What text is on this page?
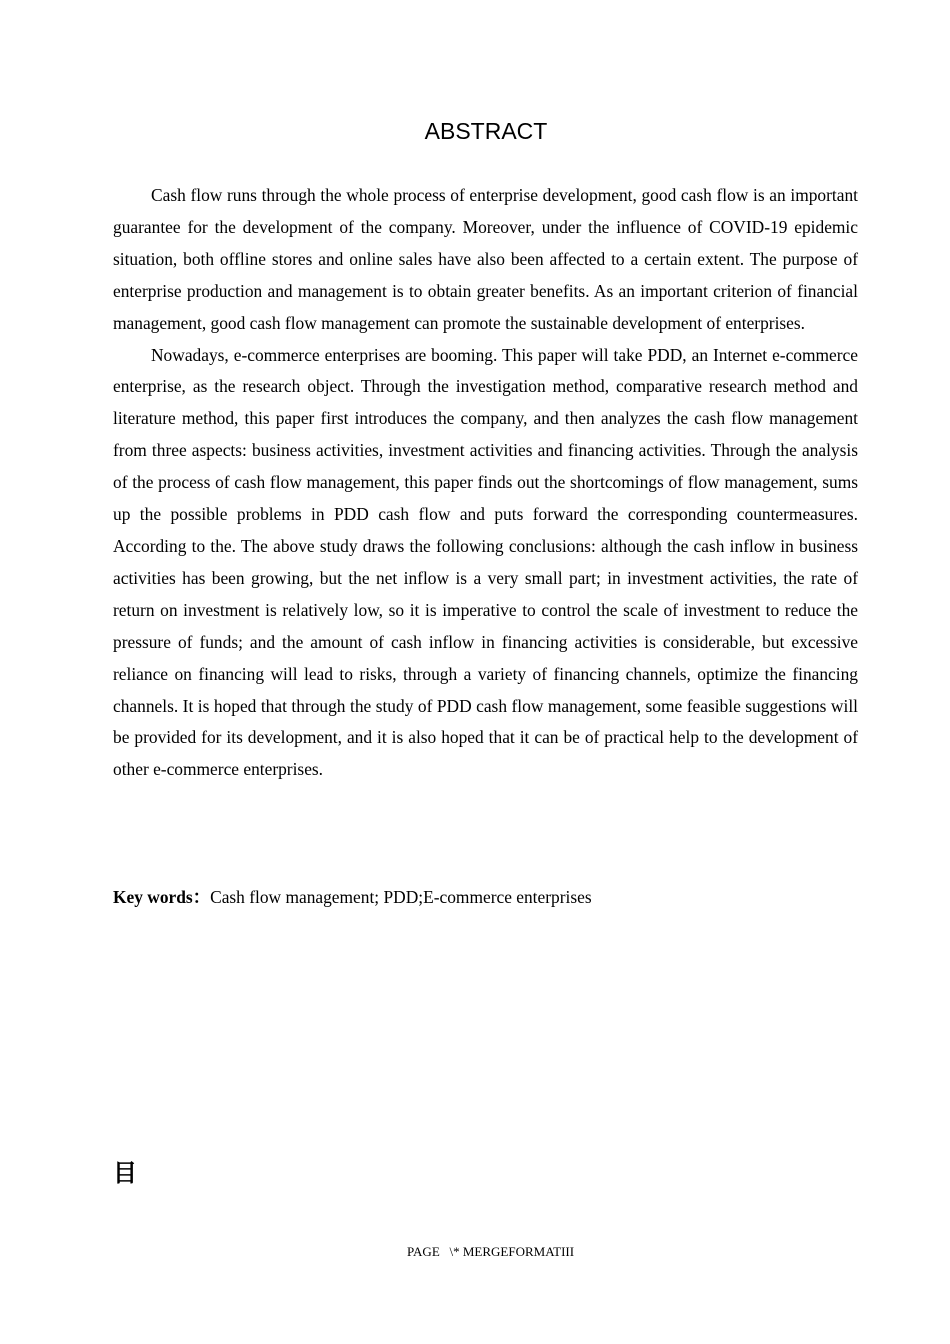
ABSTRACT

Cash flow runs through the whole process of enterprise development, good cash flow is an important guarantee for the development of the company. Moreover, under the influence of COVID-19 epidemic situation, both offline stores and online sales have also been affected to a certain extent. The purpose of enterprise production and management is to obtain greater benefits. As an important criterion of financial management, good cash flow management can promote the sustainable development of enterprises.

Nowadays, e-commerce enterprises are booming. This paper will take PDD, an Internet e-commerce enterprise, as the research object. Through the investigation method, comparative research method and literature method, this paper first introduces the company, and then analyzes the cash flow management from three aspects: business activities, investment activities and financing activities. Through the analysis of the process of cash flow management, this paper finds out the shortcomings of flow management, sums up the possible problems in PDD cash flow and puts forward the corresponding countermeasures. According to the. The above study draws the following conclusions: although the cash inflow in business activities has been growing, but the net inflow is a very small part; in investment activities, the rate of return on investment is relatively low, so it is imperative to control the scale of investment to reduce the pressure of funds; and the amount of cash inflow in financing activities is considerable, but excessive reliance on financing will lead to risks, through a variety of financing channels, optimize the financing channels. It is hoped that through the study of PDD cash flow management, some feasible suggestions will be provided for its development, and it is also hoped that it can be of practical help to the development of other e-commerce enterprises.

Key words：Cash flow management; PDD;E-commerce enterprises

目
PAGE   \* MERGEFORMATIII
